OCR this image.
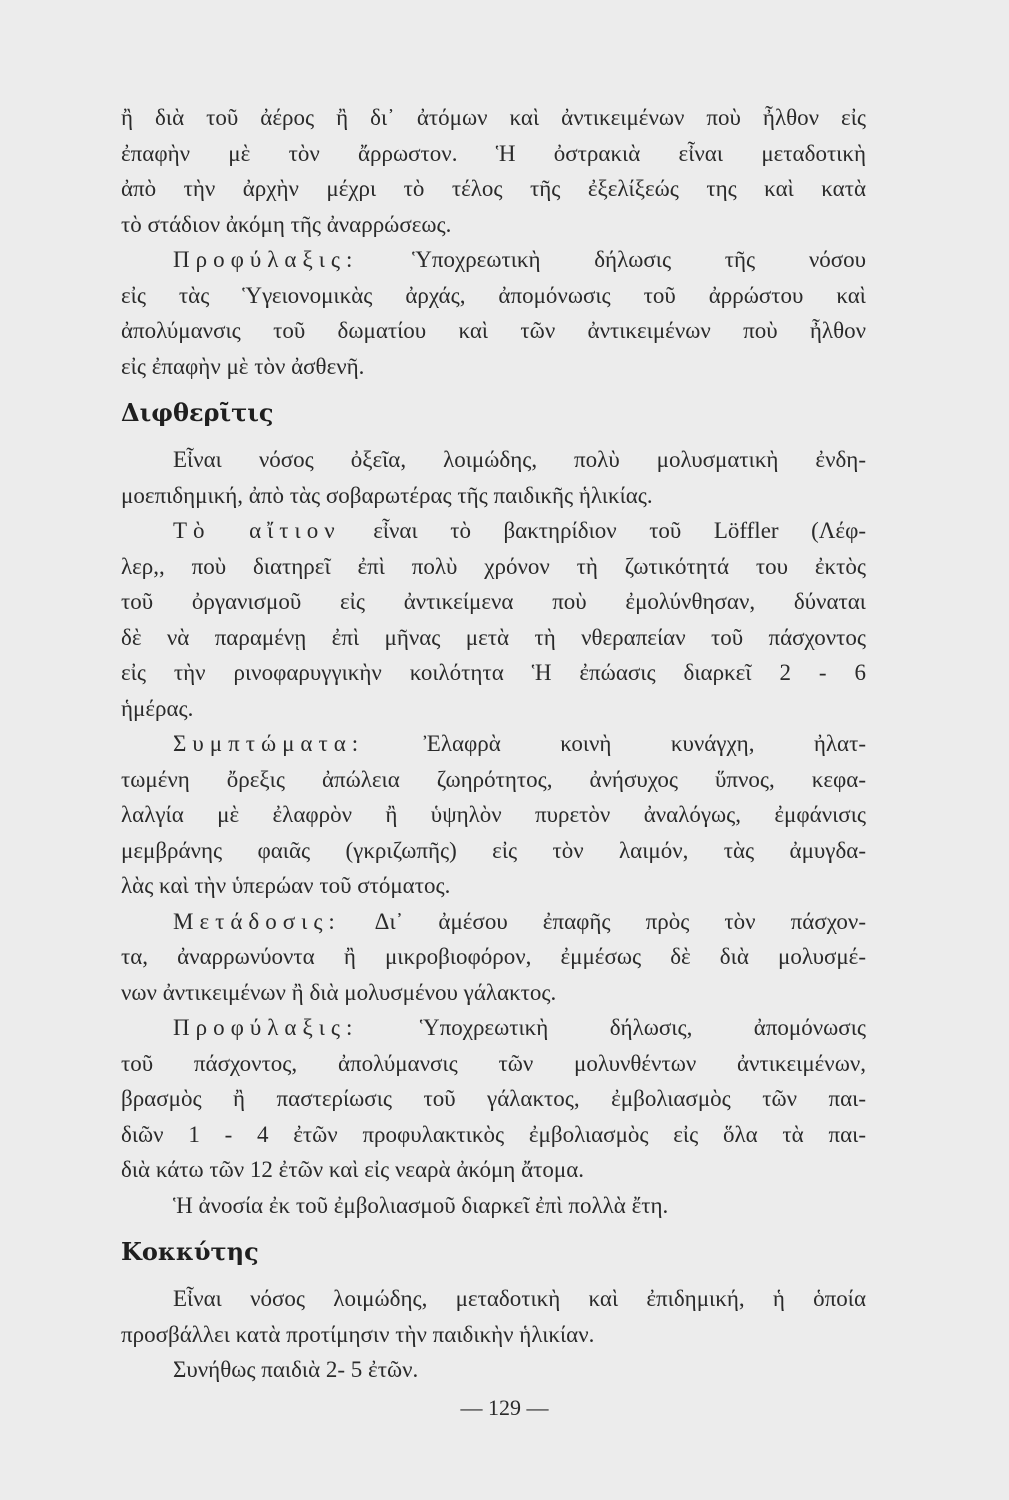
ἢ διὰ τοῦ ἀέρος ἢ δι᾽ ἀτόμων καὶ ἀντικειμένων ποὺ ἦλθον εἰς
ἐπαφὴν μὲ τὸν ἄρρωστον. Ἡ ὀστρακιὰ εἶναι μεταδοτικὴ
ἀπὸ τὴν ἀρχὴν μέχρι τὸ τέλος τῆς ἐξελίξεώς της καὶ κατὰ
τὸ στάδιον ἀκόμη τῆς ἀναρρώσεως.
Προφύλαξις: Ὑποχρεωτικὴ δήλωσις τῆς νόσου
εἰς τὰς Ὑγειονομικὰς ἀρχάς, ἀπομόνωσις τοῦ ἀρρώστου καὶ
ἀπολύμανσις τοῦ δωματίου καὶ τῶν ἀντικειμένων ποὺ ἦλθον
εἰς ἐπαφὴν μὲ τὸν ἀσθενῆ.
Διφθερῖτις
Εἶναι νόσος ὀξεῖα, λοιμώδης, πολὺ μολυσματικὴ ἐνδη-
μοεπιδημική, ἀπὸ τὰς σοβαρωτέρας τῆς παιδικῆς ἡλικίας.
Τὸ αἴτιον εἶναι τὸ βακτηρίδιον τοῦ Löffler (Λέφ-
λερ,, ποὺ διατηρεῖ ἐπὶ πολὺ χρόνον τὴ ζωτικότητά του ἐκτὸς
τοῦ ὀργανισμοῦ εἰς ἀντικείμενα ποὺ ἐμολύνθησαν, δύναται
δὲ νὰ παραμένῃ ἐπὶ μῆνας μετὰ τὴ νθεραπείαν τοῦ πάσχοντος
εἰς τὴν ρινοφαρυγγικὴν κοιλότητα Ἡ ἐπώασις διαρκεῖ 2 - 6
ἡμέρας.
Συμπτώματα:	Ἐλαφρὰ κοινὴ κυνάγχη, ἠλατ-
τωμένη ὄρεξις ἀπώλεια ζωηρότητος, ἀνήσυχος ὕπνος, κεφα-
λαλγία μὲ ἐλαφρὸν ἢ ὑψηλὸν πυρετὸν ἀναλόγως, ἐμφάνισις
μεμβράνης φαιᾶς (γκριζωπῆς) εἰς τὸν λαιμόν, τὰς ἀμυγδα-
λὰς καὶ τὴν ὑπερώαν τοῦ στόματος.
Μετάδοσις: Δι᾽ ἀμέσου ἐπαφῆς πρὸς τὸν πάσχον-
τα, ἀναρρωνύοντα ἢ μικροβιοφόρον, ἐμμέσως δὲ διὰ μολυσμέ-
νων ἀντικειμένων ἢ διὰ μολυσμένου γάλακτος.
Προφύλαξις:	Ὑποχρεωτικὴ δήλωσις, ἀπομόνωσις
τοῦ πάσχοντος, ἀπολύμανσις τῶν μολυνθέντων ἀντικειμένων,
βρασμὸς ἢ παστερίωσις τοῦ γάλακτος, ἐμβολιασμὸς τῶν παι-
διῶν 1 - 4 ἐτῶν προφυλακτικὸς ἐμβολιασμὸς εἰς ὅλα τὰ παι-
διὰ κάτω τῶν 12 ἐτῶν καὶ εἰς νεαρὰ ἀκόμη ἄτομα.
Ἡ ἀνοσία ἐκ τοῦ ἐμβολιασμοῦ διαρκεῖ ἐπὶ πολλὰ ἔτη.
Κοκκύτης
Εἶναι νόσος λοιμώδης, μεταδοτικὴ καὶ ἐπιδημική, ἡ ὁποία
προσβάλλει κατὰ προτίμησιν τὴν παιδικὴν ἡλικίαν.
Συνήθως παιδιὰ 2- 5 ἐτῶν.
— 129 —
